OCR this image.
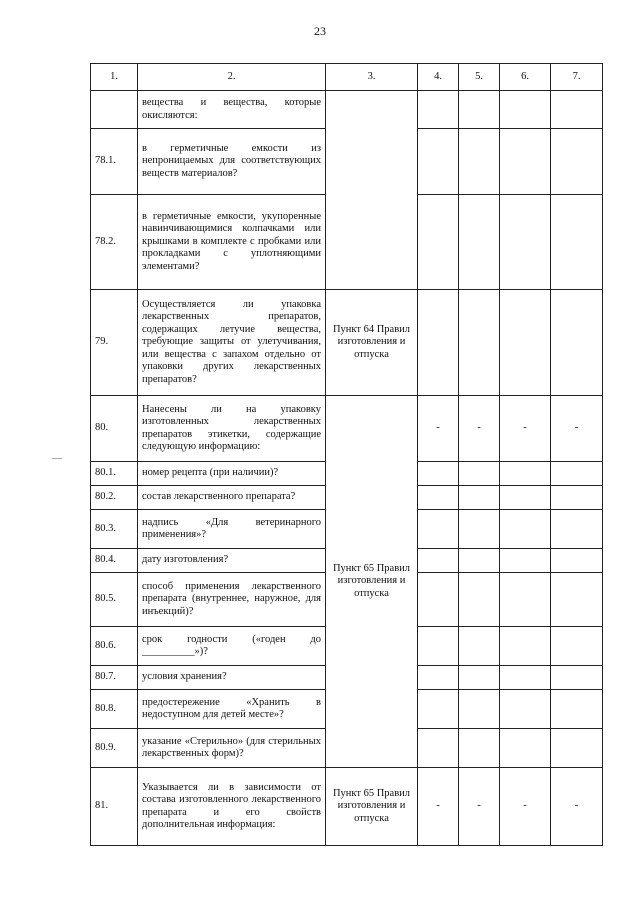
23
1.	2.	3.	4.	5.	6.	7.
	вещества и вещества, которые окисляются:					
78.1.	в герметичные емкости из непроницаемых для соответствующих веществ материалов?					
78.2.	в герметичные емкости, укупоренные навинчивающимися колпачками или крышками в комплекте с пробками или прокладками с уплотняющими элементами?					
79.	Осуществляется ли упаковка лекарственных препаратов, содержащих летучие вещества, требующие защиты от улетучивания, или вещества с запахом отдельно от упаковки других лекарственных препаратов?	Пункт 64 Правил изготовления и отпуска				
80.	Нанесены ли на упаковку изготовленных лекарственных препаратов этикетки, содержащие следующую информацию:	Пункт 65 Правил изготовления и отпуска	-	-	-	-
80.1.	номер рецепта (при наличии)?					
80.2.	состав лекарственного препарата?					
80.3.	надпись «Для ветеринарного применения»?					
80.4.	дату изготовления?					
80.5.	способ применения лекарственного препарата (внутреннее, наружное, для инъекций)?					
80.6.	срок годности («годен до __________»)?					
80.7.	условия хранения?					
80.8.	предостережение «Хранить в недоступном для детей месте»?					
80.9.	указание «Стерильно» (для стерильных лекарственных форм)?					
81.	Указывается ли в зависимости от состава изготовленного лекарственного препарата и его свойств дополнительная информация:	Пункт 65 Правил изготовления и отпуска	-	-	-	-
